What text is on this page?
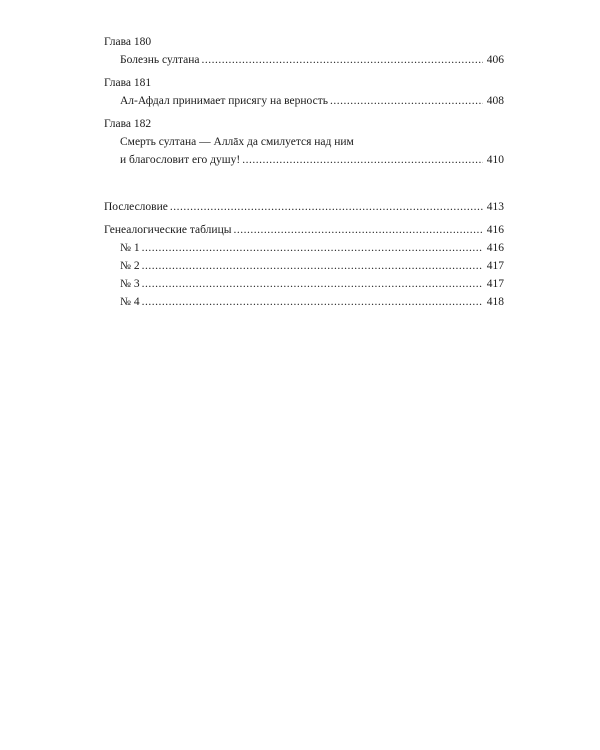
Глава 180
Болезнь султана .....	406
Глава 181
Ал-Афдал принимает присягу на верность .....	408
Глава 182
Смерть султана — Аллāх да смилуется над ним
и благословит его душу! .....	410
Послесловие .....	413
Генеалогические таблицы .....	416
№ 1 .....	416
№ 2 .....	417
№ 3 .....	417
№ 4 .....	418
